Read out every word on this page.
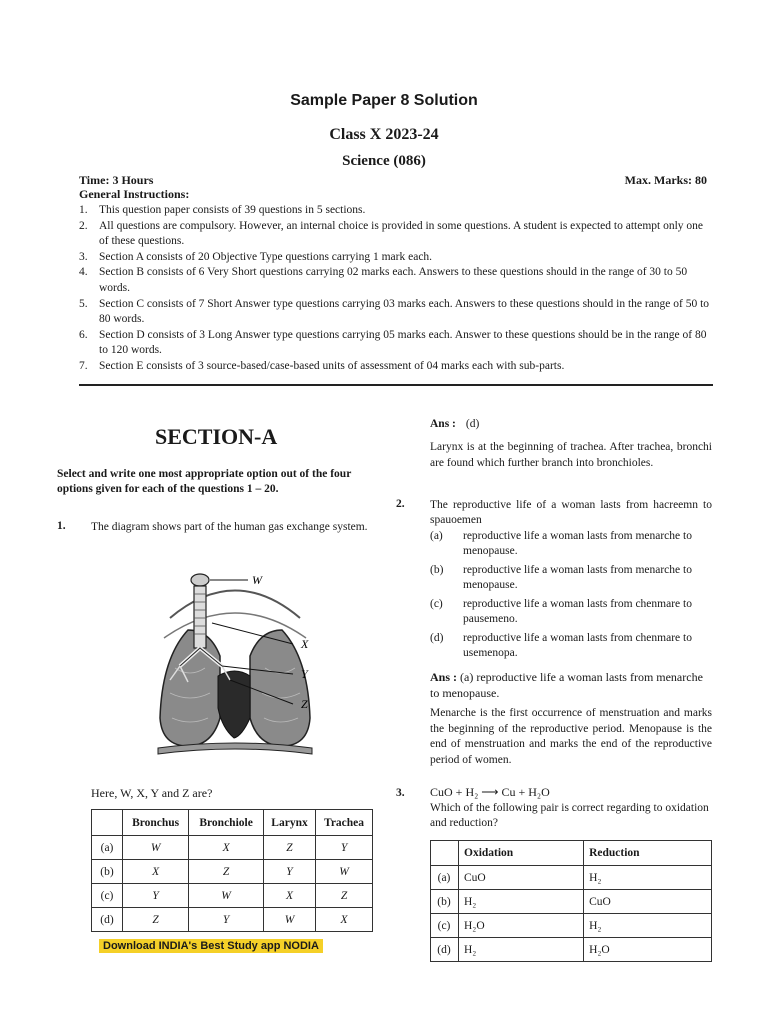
Sample Paper 8 Solution
Class X 2023-24
Science (086)
Time: 3 Hours	Max. Marks: 80
General Instructions:
1. This question paper consists of 39 questions in 5 sections.
2. All questions are compulsory. However, an internal choice is provided in some questions. A student is expected to attempt only one of these questions.
3. Section A consists of 20 Objective Type questions carrying 1 mark each.
4. Section B consists of 6 Very Short questions carrying 02 marks each. Answers to these questions should in the range of 30 to 50 words.
5. Section C consists of 7 Short Answer type questions carrying 03 marks each. Answers to these questions should in the range of 50 to 80 words.
6. Section D consists of 3 Long Answer type questions carrying 05 marks each. Answer to these questions should be in the range of 80 to 120 words.
7. Section E consists of 3 source-based/case-based units of assessment of 04 marks each with sub-parts.
SECTION-A
Select and write one most appropriate option out of the four options given for each of the questions 1 – 20.
1. The diagram shows part of the human gas exchange system.
W
X
Y
Z
Here, W, X, Y and Z are?
	Bronchus	Bronchiole	Larynx	Trachea
(a)	W	X	Z	Y
(b)	X	Z	Y	W
(c)	Y	W	X	Z
(d)	Z	Y	W	X
Download INDIA's Best Study app NODIA
Ans : (d)
Larynx is at the beginning of trachea. After trachea, bronchi are found which further branch into bronchioles.
2. The reproductive life of a woman lasts from hacreemn to spauoemen
(a) reproductive life a woman lasts from menarche to menopause.
(b) reproductive life a woman lasts from menarche to menopause.
(c) reproductive life a woman lasts from chenmare to pausemeno.
(d) reproductive life a woman lasts from chenmare to usemenopa.
Ans : (a) reproductive life a woman lasts from menarche to menopause.
Menarche is the first occurrence of menstruation and marks the beginning of the reproductive period. Menopause is the end of menstruation and marks the end of the reproductive period of women.
3. CuO + H₂ ⟶ Cu + H₂O
Which of the following pair is correct regarding to oxidation and reduction?
	Oxidation	Reduction
(a)	CuO	H₂
(b)	H₂	CuO
(c)	H₂O	H₂
(d)	H₂	H₂O
